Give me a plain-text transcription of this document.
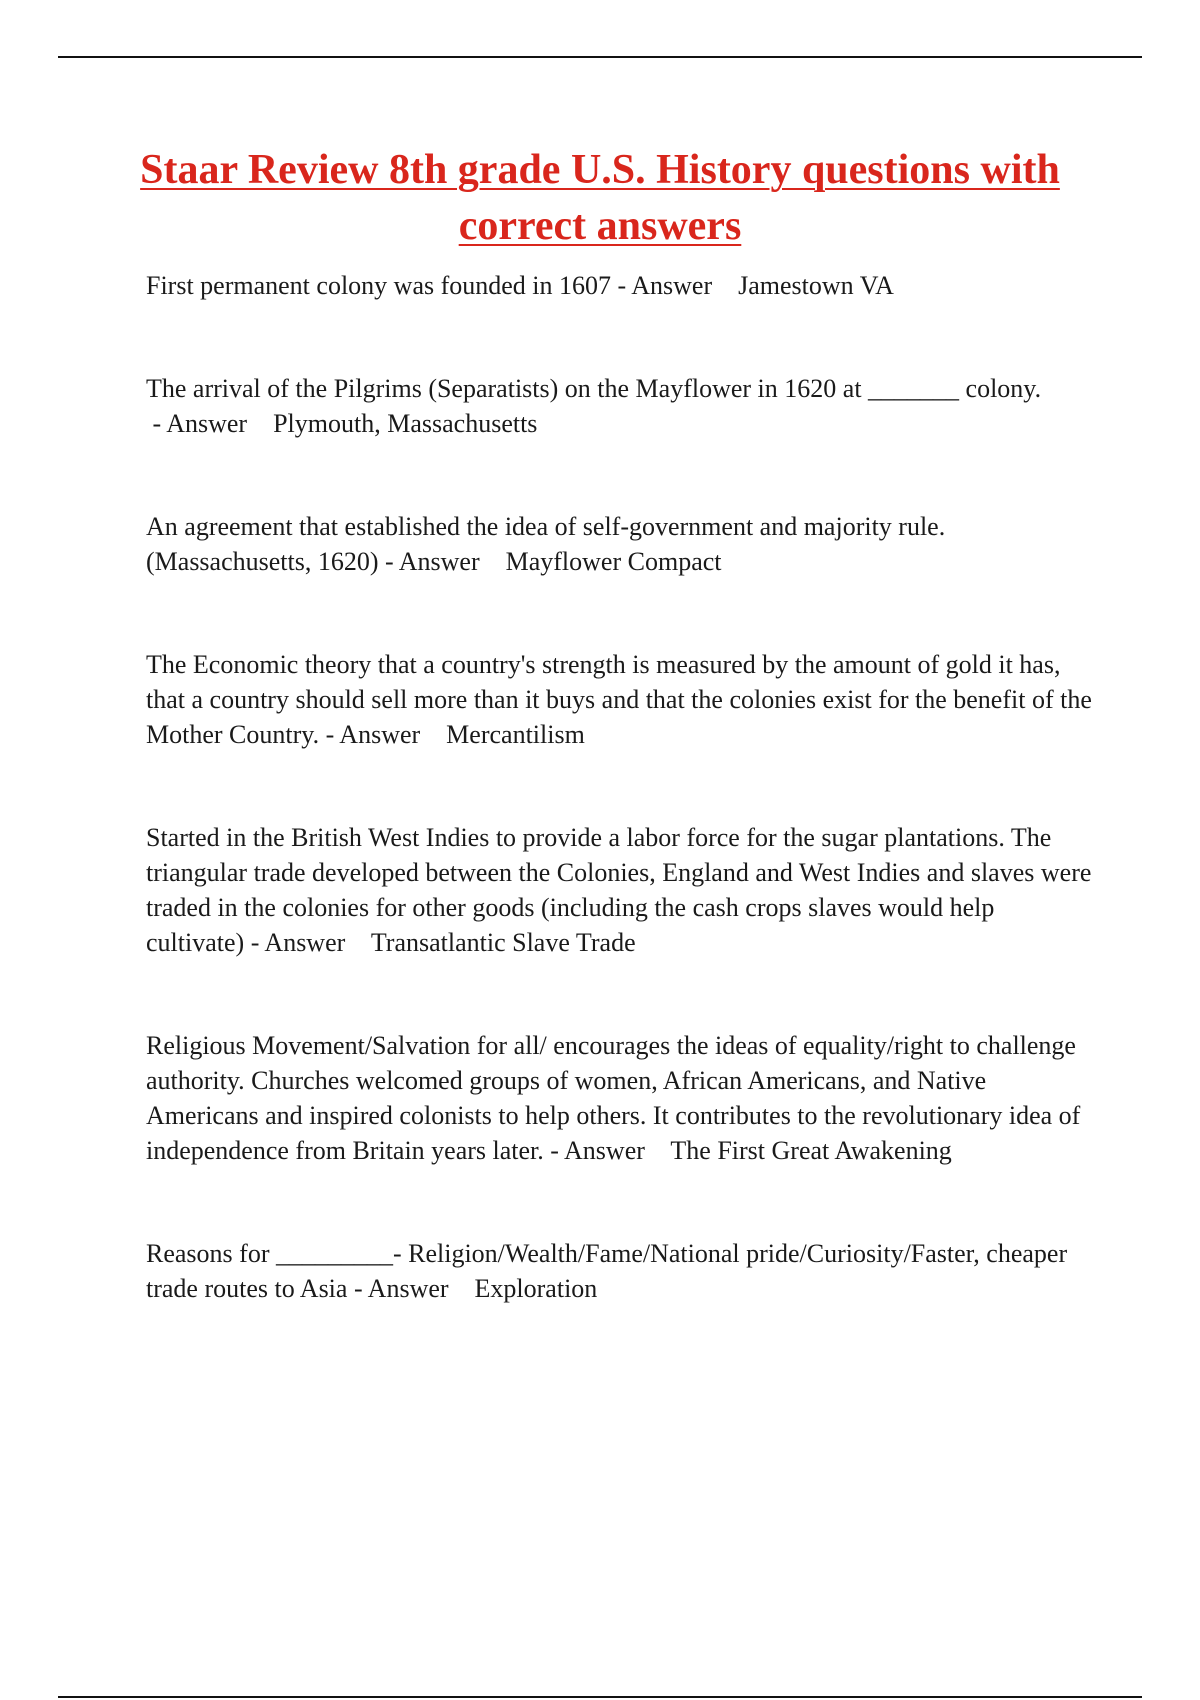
Staar Review 8th grade U.S. History questions with correct answers
First permanent colony was founded in 1607 - Answer    Jamestown VA
The arrival of the Pilgrims (Separatists) on the Mayflower in 1620 at _______ colony. - Answer    Plymouth, Massachusetts
An agreement that established the idea of self-government and majority rule. (Massachusetts, 1620) - Answer    Mayflower Compact
The Economic theory that a country's strength is measured by the amount of gold it has, that a country should sell more than it buys and that the colonies exist for the benefit of the Mother Country. - Answer    Mercantilism
Started in the British West Indies to provide a labor force for the sugar plantations. The triangular trade developed between the Colonies, England and West Indies and slaves were traded in the colonies for other goods (including the cash crops slaves would help cultivate) - Answer    Transatlantic Slave Trade
Religious Movement/Salvation for all/ encourages the ideas of equality/right to challenge authority. Churches welcomed groups of women, African Americans, and Native Americans and inspired colonists to help others. It contributes to the revolutionary idea of independence from Britain years later. - Answer    The First Great Awakening
Reasons for _________- Religion/Wealth/Fame/National pride/Curiosity/Faster, cheaper trade routes to Asia - Answer    Exploration
